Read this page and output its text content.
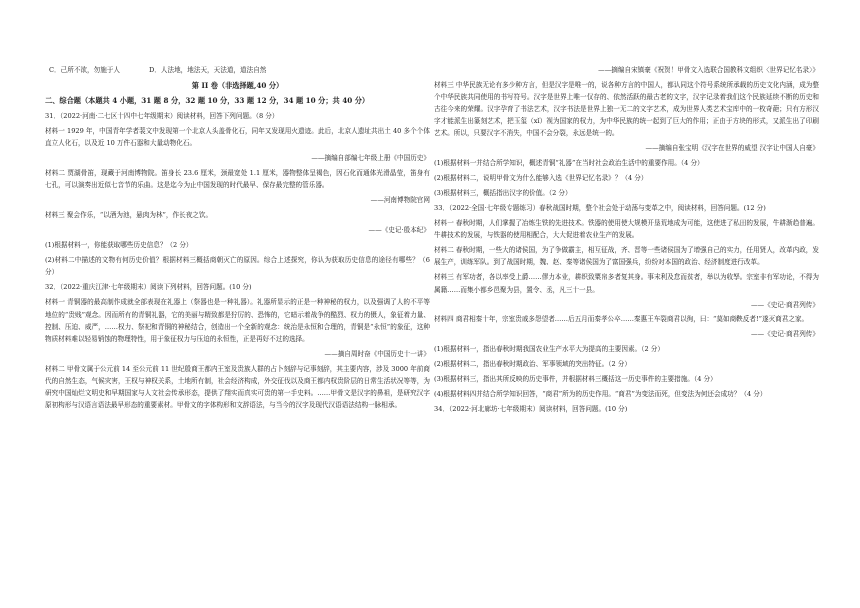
C．己所不欲，勿施于人	D．人法地，地法天，天法道，道法自然
第 II 卷（非选择题,40 分）
二、综合题（本题共 4 小题，31 题 8 分，32 题 10 分，33 题 12 分，34 题 10 分；共 40 分）

31．（2022·河南·二七区十四中七年级期末）阅读材料，回答下列问题。（8 分）

材料一 1929 年，中国青年学者裴文中发现第一个北京人头盖骨化石，同年又发现用火遗迹。此后，北京人遗址共出土 40 多个个体直立人化石，以及近 10 万件石器和大量动物化石。

——摘编自部编七年级上册《中国历史》

材料二 贾湖骨笛，现藏于河南博物院。笛身长 23.6 厘米，颈最宽处 1.1 厘米，器物整体呈褐色，因石化而通体光滑晶莹，笛身有七孔，可以演奏出近似七音节的乐曲。这是迄今为止中国发现的时代最早、保存最完整的管乐器。

——河南博物院官网

材料三 聚会作乐，“以酒为池，悬肉为林”，作长夜之饮。

——《史记·殷本纪》

(1)根据材料一，你能获取哪些历史信息？（2 分）

(2)材料二中描述的文物有何历史价值？根据材料三概括商朝灭亡的原因。综合上述探究，你认为获取历史信息的途径有哪些？（6 分）

32．（2022·重庆江津·七年级期末）阅读下列材料，回答问题。(10 分)

材料一 青铜器的最高制作成就全部表现在礼器上（祭器也是一种礼器）。礼器所显示的正是一种神秘的权力，以及强调了人的不平等地位的“贵贱”观念。因而所有的青铜礼器，它的美丽与精致都是狞厉的、恐怖的，它暗示着战争的酷烈、权力的慑人，象征着力量、控制、压迫、威严，……权力、祭祀和青铜的神秘结合，创造出一个全新的观念：统治是永恒和合理的，青铜是“永恒”的象征，这种物质材料难以轻易销蚀的物理特性，用于象征权力与压迫的永恒性，正是再好不过的选择。

——摘自周时奋《中国历史十一讲》

材料二 甲骨文属于公元前 14 至公元前 11 世纪殷商王都内王室及贵族人群的占卜刻辞与记事刻辞，其主要内容，涉及 3000 年前商代的自然生态，气候灾害，王权与神权关系，土地所有制，社会经济构成，外交征伐以及商王都内权贵阶层的日常生活状况等等，为研究中国灿烂文明史和早期国家与人文社会传承形态，提供了翔实而真实可贵的第一手史料。……甲骨文是汉字的鼻祖，是研究汉字原初构形与汉语言语法最早形态的重要素材。甲骨文的字体构形和文辞语法，与当今的汉字及现代汉语语法结构一脉相承。

——摘编自宋镇豪《祝贺！甲骨文入选联合国教科文组织〈世界记忆名录〉》

材料三 中华民族无论有多少种方言，但是汉字是唯一的，说各种方言的中国人，都认同这个符号系统所承载的历史文化内涵，成为整个中华民族共同使用的书写符号。汉字是世界上唯一仅存的、依然活跃的最古老的文字，汉字记录着我们这个民族延续不断的历史和古往今来的荣耀。汉字孕育了书法艺术，汉字书法是世界上独一无二的文字艺术，成为世界人类艺术宝库中的一枚奇葩；只有方形汉字才能派生出篆刻艺术，把玉玺（xǐ）视为国家的权力，为中华民族的统一起到了巨大的作用；正由于方块的形式，又派生出了印刷艺术。所以，只要汉字不消失，中国不会分裂，永远是统一的。

——摘编自张宝明《汉字在世界的威望 汉字让中国人自豪》

(1)根据材料一并结合所学知识，概述青铜“礼器”在当时社会政治生活中的重要作用。（4 分）

(2)根据材料二，说明甲骨文为什么能够入选《世界记忆名录》？（4 分）

(3)根据材料三，概括指出汉字的价值。（2 分）

33．（2022·全国·七年级专题练习）春秋战国时期，整个社会处于动荡与变革之中，阅读材料，回答问题。(12 分)

材料一 春秋时期，人们掌握了冶炼生铁的先进技术。铁器的使用使大规模开垦荒地成为可能，这使进了私田的发展，牛耕渐趋普遍。牛耕技术的发展，与铁器的使用相配合，大大促进着农业生产的发展。

材料二 春秋时期，一些大的诸侯国，为了争做霸主，相互征战，齐、晋等一些诸侯国为了增强自己的实力，任用贤人，改革内政，发展生产，训练军队。到了战国时期，魏、赵、秦等诸侯国为了富国强兵，纷纷对本国的政治、经济制度进行改革。

材料三 有军功者，各以率受上爵……僇力本业，耕织致粟帛多者复其身。事末利及怠而贫者，举以为收孥。宗室非有军功论，不得为属籍……而集小都乡邑聚为县，置令、丞，凡三十一县。

——《史记·商君列传》

材料四 商君相秦十年，宗室贵戚多怨望者……后五月而秦孝公卒……秦惠王车裂商君以徇，曰：“莫如商鞅反者!”遂灭商君之家。

——《史记·商君列传》

(1)根据材料一，指出春秋时期我国农业生产水平大为提高的主要因素。（2 分）

(2)根据材料二，指出春秋时期政治、军事领域的突出特征。（2 分）

(3)根据材料三，指出其所反映的历史事件，并根据材料三概括这一历史事件的主要措施。（4 分）

(4)根据材料四并结合所学知识回答，“商君”所为的历史作用。“商君”为变法而死，但变法为何还会成功？（4 分）

34．（2022·河北廊坊·七年级期末）阅读材料，回答问题。(10 分)
